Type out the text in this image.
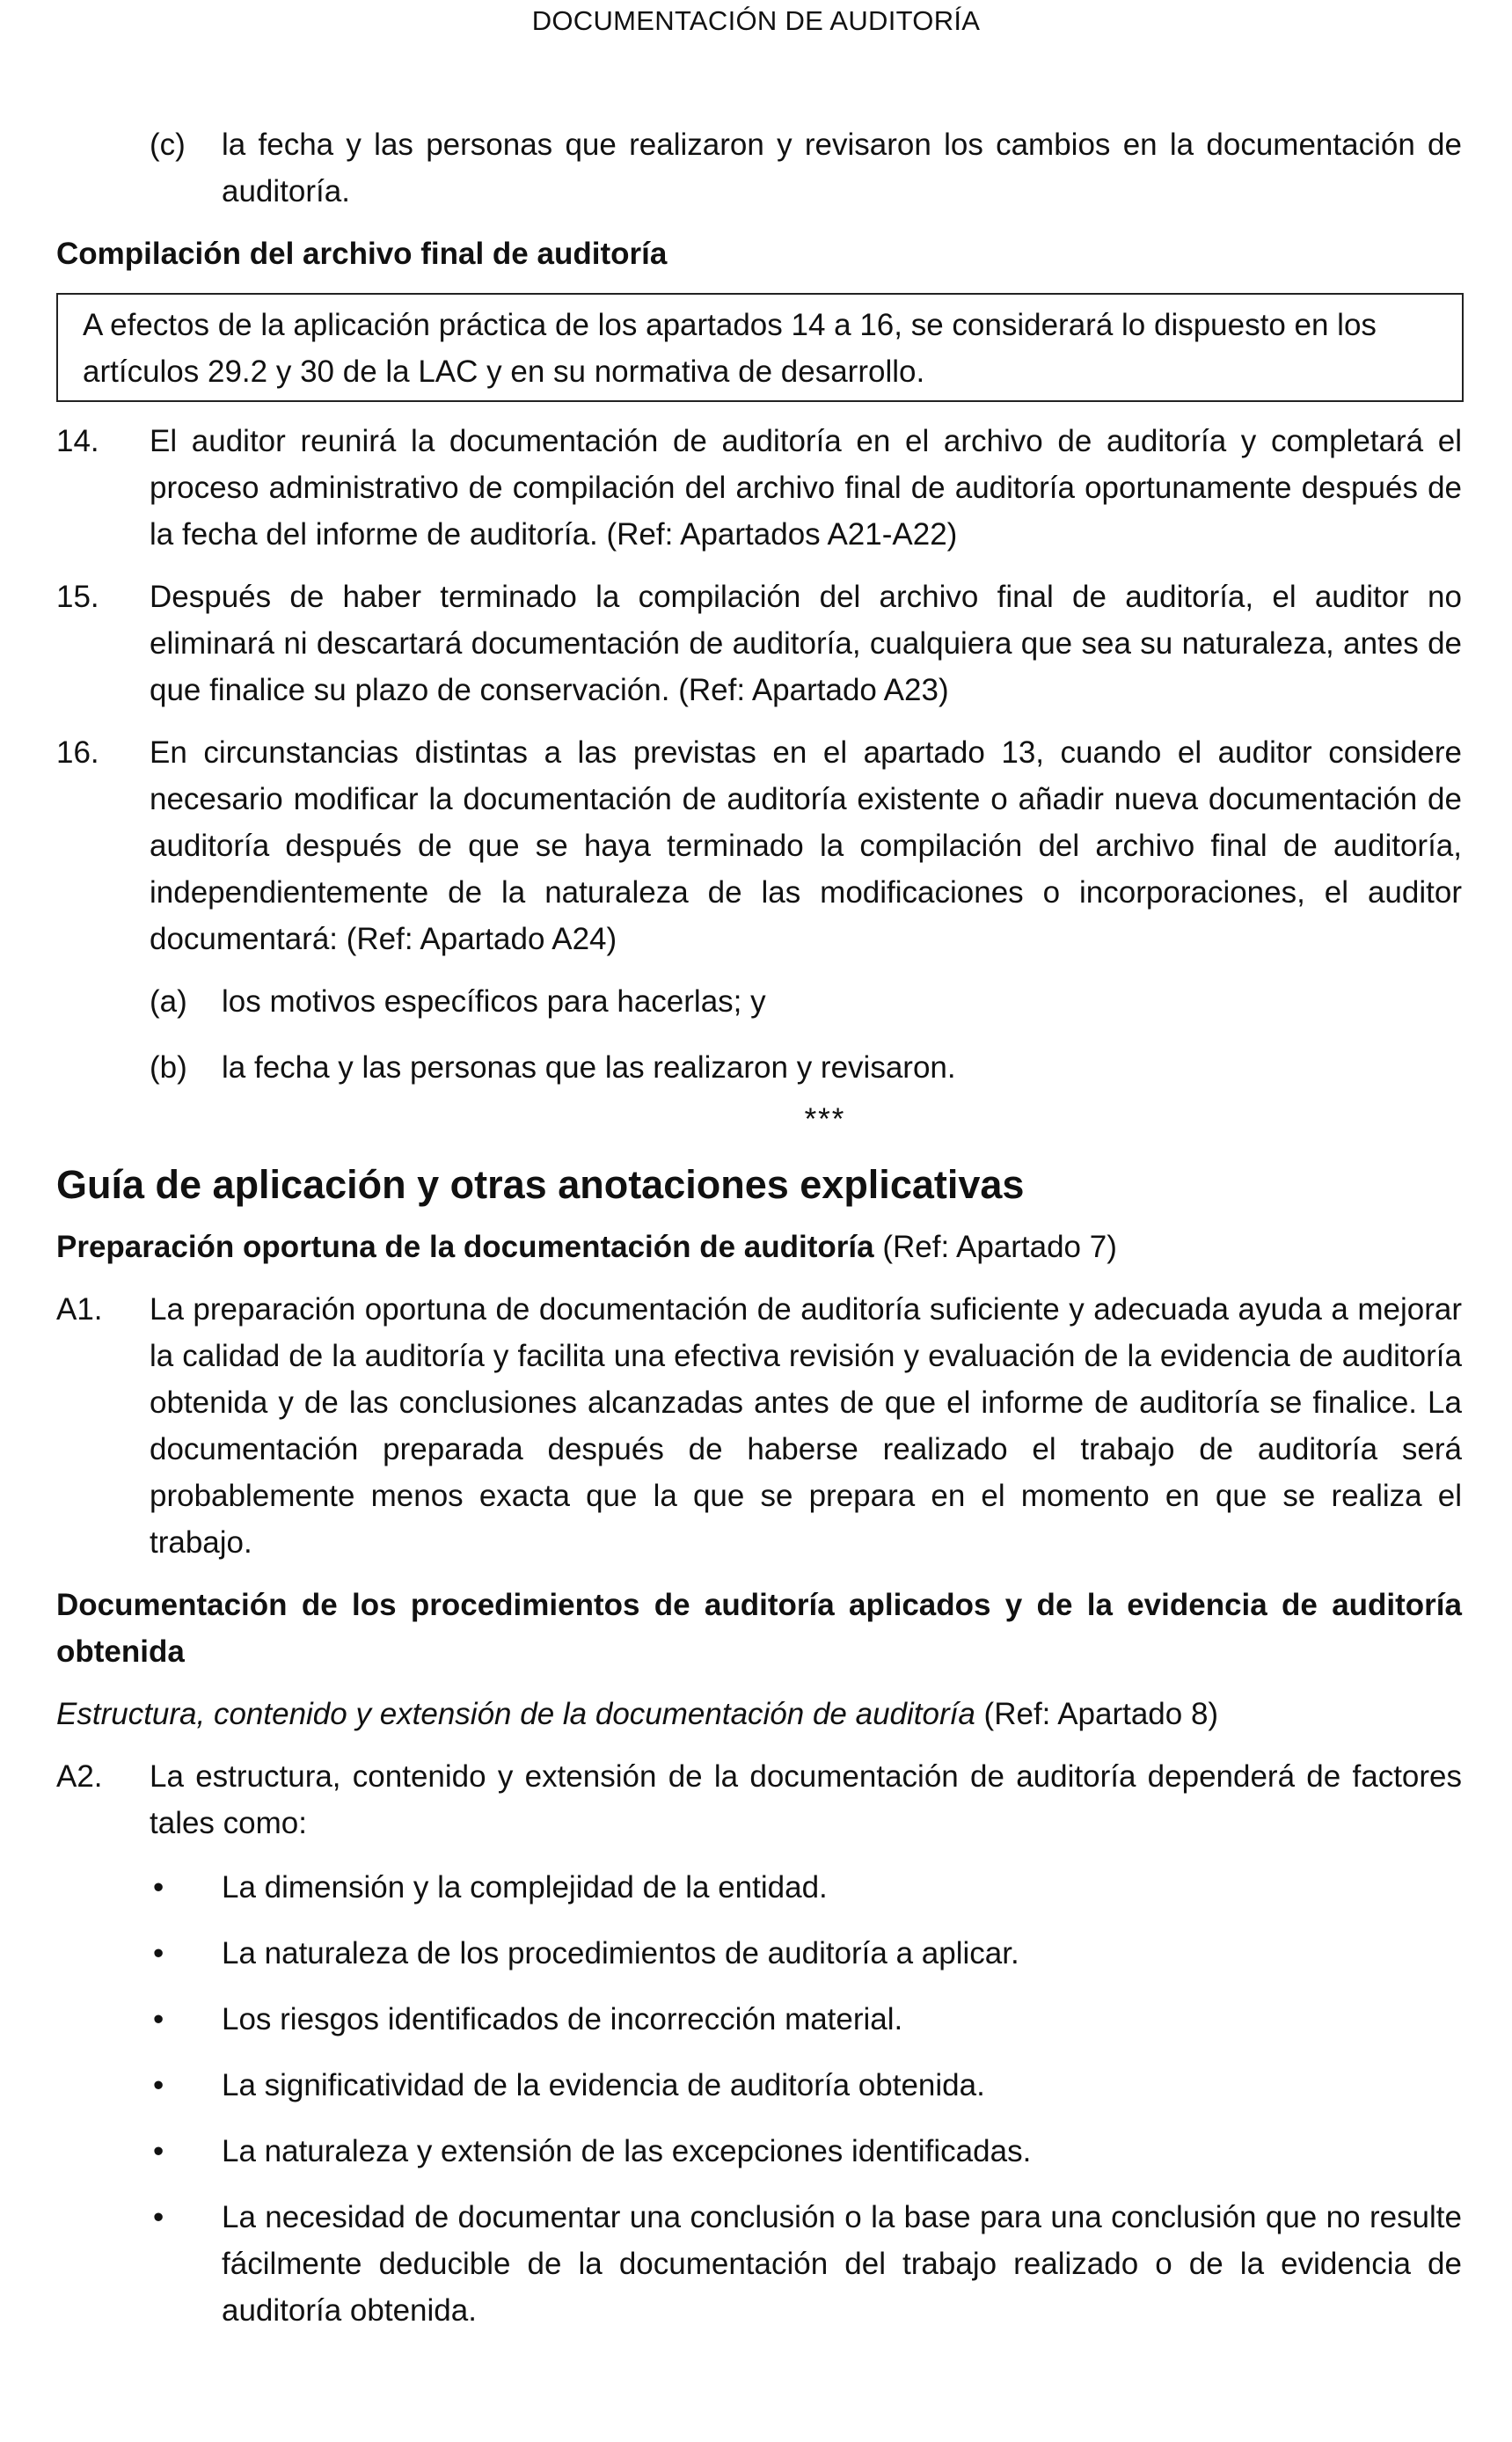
DOCUMENTACIÓN DE AUDITORÍA
(c) la fecha y las personas que realizaron y revisaron los cambios en la documentación de auditoría.
Compilación del archivo final de auditoría
A efectos de la aplicación práctica de los apartados 14 a 16, se considerará lo dispuesto en los artículos 29.2 y 30 de la LAC y en su normativa de desarrollo.
14. El auditor reunirá la documentación de auditoría en el archivo de auditoría y completará el proceso administrativo de compilación del archivo final de auditoría oportunamente después de la fecha del informe de auditoría. (Ref: Apartados A21-A22)
15. Después de haber terminado la compilación del archivo final de auditoría, el auditor no eliminará ni descartará documentación de auditoría, cualquiera que sea su naturaleza, antes de que finalice su plazo de conservación. (Ref: Apartado A23)
16. En circunstancias distintas a las previstas en el apartado 13, cuando el auditor considere necesario modificar la documentación de auditoría existente o añadir nueva documentación de auditoría después de que se haya terminado la compilación del archivo final de auditoría, independientemente de la naturaleza de las modificaciones o incorporaciones, el auditor documentará: (Ref: Apartado A24)
(a) los motivos específicos para hacerlas; y
(b) la fecha y las personas que las realizaron y revisaron.
***
Guía de aplicación y otras anotaciones explicativas
Preparación oportuna de la documentación de auditoría (Ref: Apartado 7)
A1. La preparación oportuna de documentación de auditoría suficiente y adecuada ayuda a mejorar la calidad de la auditoría y facilita una efectiva revisión y evaluación de la evidencia de auditoría obtenida y de las conclusiones alcanzadas antes de que el informe de auditoría se finalice. La documentación preparada después de haberse realizado el trabajo de auditoría será probablemente menos exacta que la que se prepara en el momento en que se realiza el trabajo.
Documentación de los procedimientos de auditoría aplicados y de la evidencia de auditoría obtenida
Estructura, contenido y extensión de la documentación de auditoría (Ref: Apartado 8)
A2. La estructura, contenido y extensión de la documentación de auditoría dependerá de factores tales como:
• La dimensión y la complejidad de la entidad.
• La naturaleza de los procedimientos de auditoría a aplicar.
• Los riesgos identificados de incorrección material.
• La significatividad de la evidencia de auditoría obtenida.
• La naturaleza y extensión de las excepciones identificadas.
• La necesidad de documentar una conclusión o la base para una conclusión que no resulte fácilmente deducible de la documentación del trabajo realizado o de la evidencia de auditoría obtenida.
